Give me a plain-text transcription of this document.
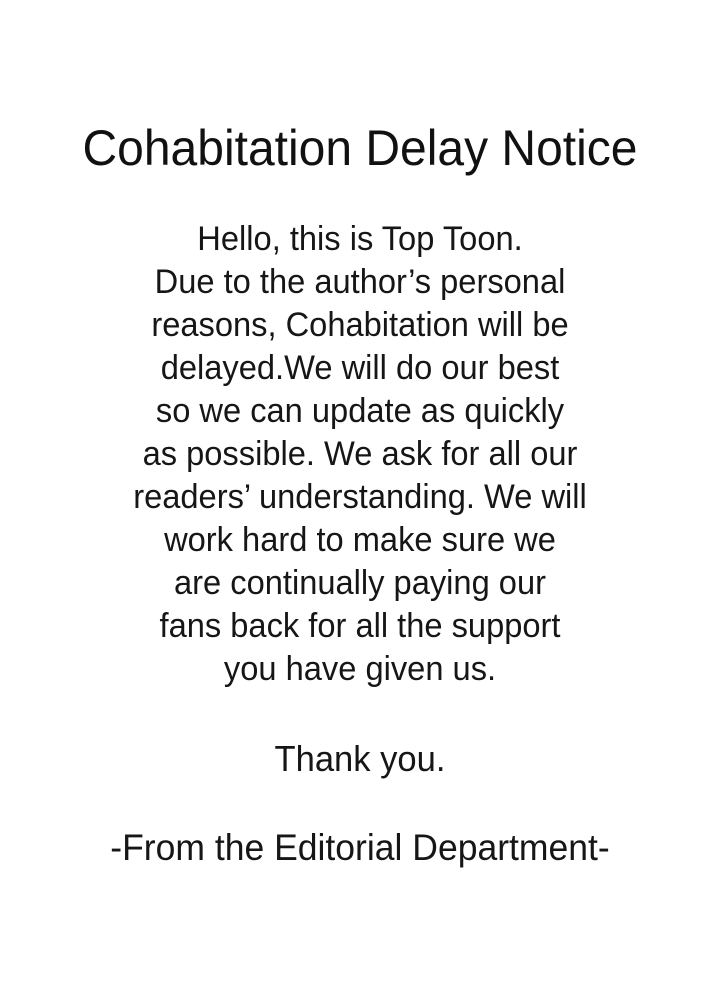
Cohabitation Delay Notice
Hello, this is Top Toon.
Due to the author’s personal
reasons, Cohabitation will be
delayed.We will do our best
so we can update as quickly
as possible. We ask for all our
readers’ understanding. We will
work hard to make sure we
are continually paying our
fans back for all the support
you have given us.

Thank you.

-From the Editorial Department-
